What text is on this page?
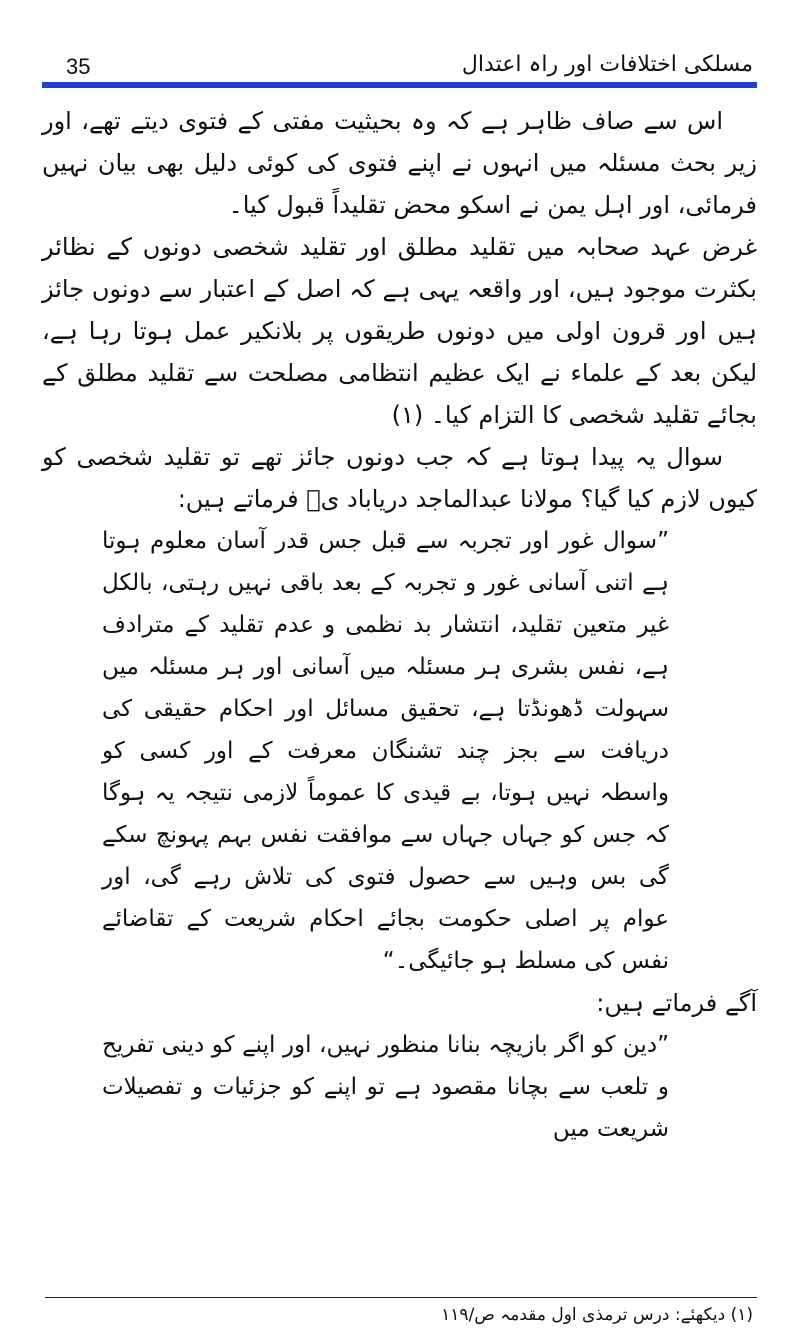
مسلکی اختلافات اور راہ اعتدال
35

اس سے صاف ظاہر ہے کہ وہ بحیثیت مفتی کے فتوی دیتے تھے، اور زیر بحث مسئلہ میں انہوں نے اپنے فتوی کی کوئی دلیل بھی بیان نہیں فرمائی، اور اہل یمن نے اسکو محض تقلیداً قبول کیا۔

غرض عہد صحابہ میں تقلید مطلق اور تقلید شخصی دونوں کے نظائر بکثرت موجود ہیں، اور واقعہ یہی ہے کہ اصل کے اعتبار سے دونوں جائز ہیں اور قرون اولی میں دونوں طریقوں پر بلانکیر عمل ہوتا رہا ہے، لیکن بعد کے علماء نے ایک عظیم انتظامی مصلحت سے تقلید مطلق کے بجائے تقلید شخصی کا التزام کیا۔ (۱)

سوال یہ پیدا ہوتا ہے کہ جب دونوں جائز تھے تو تقلید شخصی کو کیوں لازم کیا گیا؟ مولانا عبدالماجد دریاباد یؒ فرماتے ہیں:

”سوال غور اور تجربہ سے قبل جس قدر آسان معلوم ہوتا ہے اتنی آسانی غور و تجربہ کے بعد باقی نہیں رہتی، بالکل غیر متعین تقلید، انتشار بد نظمی و عدم تقلید کے مترادف ہے، نفس بشری ہر مسئلہ میں آسانی اور ہر مسئلہ میں سہولت ڈھونڈتا ہے، تحقیق مسائل اور احکام حقیقی کی دریافت سے بجز چند تشنگان معرفت کے اور کسی کو واسطہ نہیں ہوتا، بے قیدی کا عموماً لازمی نتیجہ یہ ہوگا کہ جس کو جہاں جہاں سے موافقت نفس بہم پہونچ سکے گی بس وہیں سے حصول فتوی کی تلاش رہے گی، اور عوام پر اصلی حکومت بجائے احکام شریعت کے تقاضائے نفس کی مسلط ہو جائیگی۔“

آگے فرماتے ہیں:

”دین کو اگر بازیچہ بنانا منظور نہیں، اور اپنے کو دینی تفریح و تلعب سے بچانا مقصود ہے تو اپنے کو جزئیات و تفصیلات شریعت میں

(۱) دیکھئے: درس ترمذی اول مقدمہ ص/۱۱۹
